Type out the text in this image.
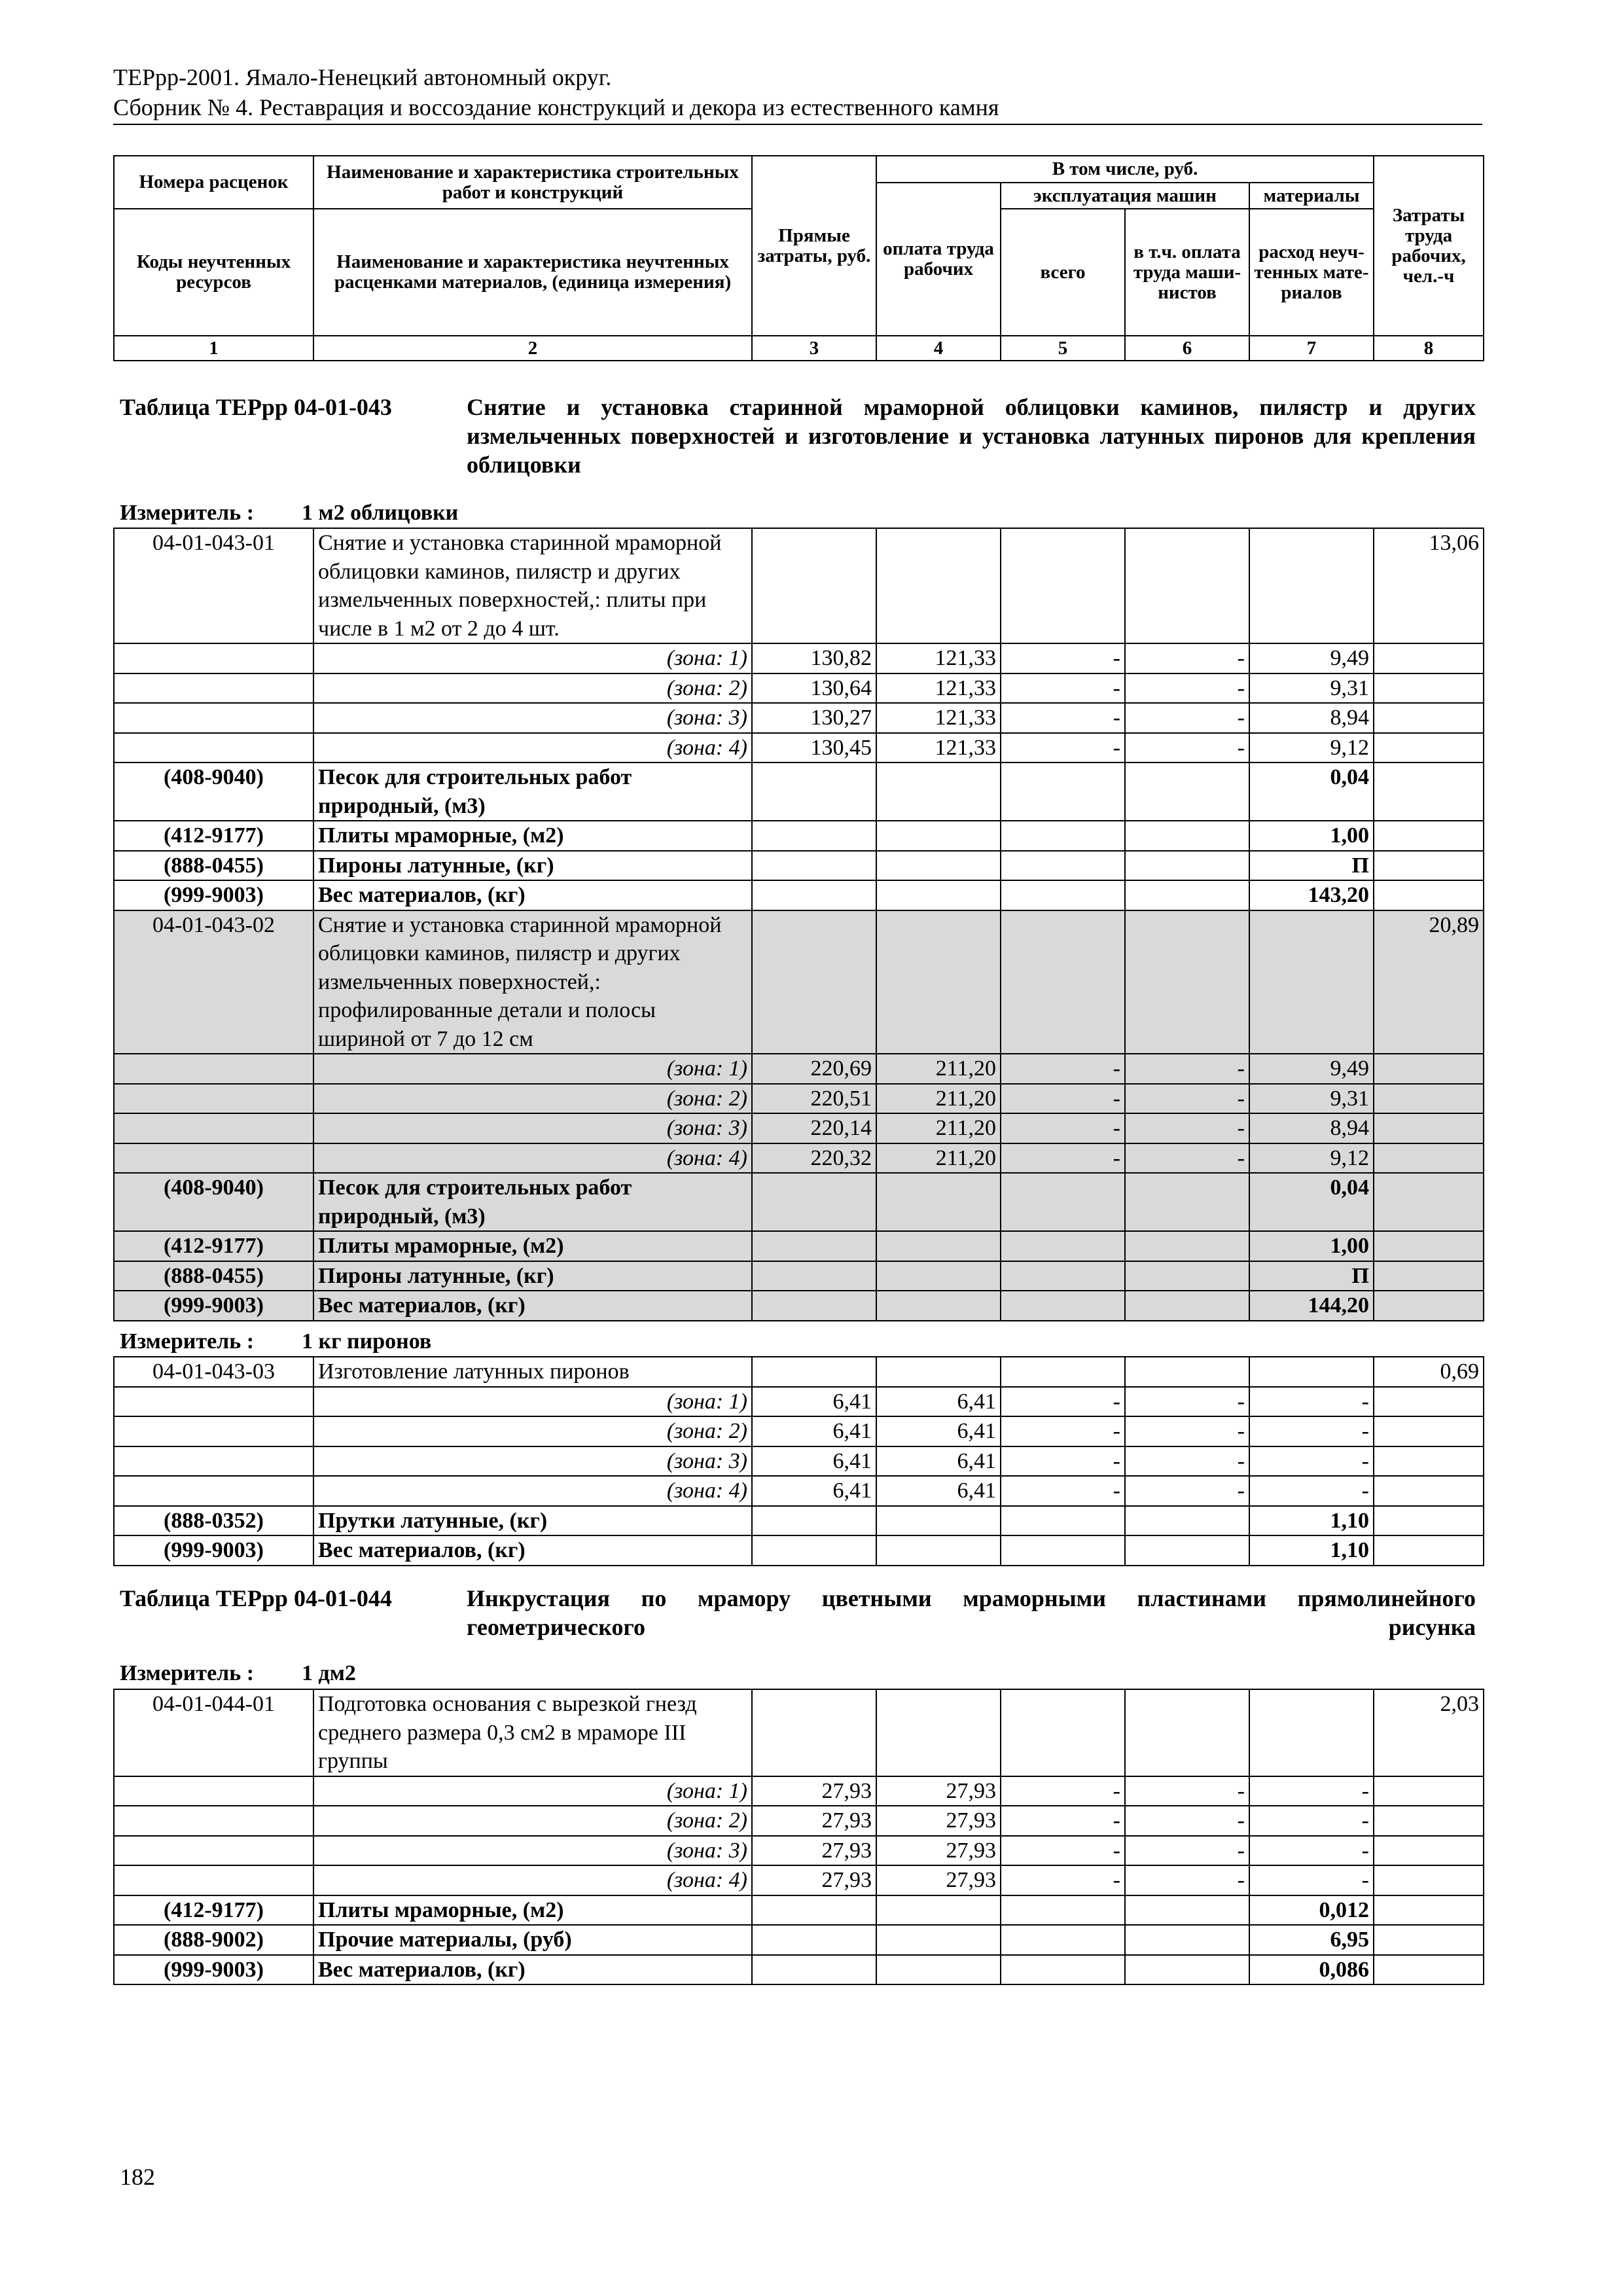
ТЕРрр-2001. Ямало-Ненецкий автономный округ.
Сборник № 4. Реставрация и воссоздание конструкций и декора из естественного камня
Номера расценок	Наименование и характеристика строительных работ и конструкций	Прямые затраты, руб.	В том числе, руб.				Затраты труда рабочих, чел.-ч
			оплата труда рабочих	эксплуатация машин		материалы	
Коды неучтенных ресурсов	Наименование и характеристика неучтенных расценками материалов, (единица измерения)			всего	в т.ч. оплата труда маши-нистов	расход неуч-тенных мате-риалов	
1	2	3	4	5	6	7	8
Таблица ТЕРрр 04-01-043	Снятие и установка старинной мраморной облицовки каминов, пилястр и других измельченных поверхностей и изготовление и установка латунных пиронов для крепления облицовки
Измеритель : 1 м2 облицовки
04-01-043-01	Снятие и установка старинной мраморной облицовки каминов, пилястр и других измельченных поверхностей,: плиты при числе в 1 м2 от 2 до 4 шт.						13,06
	(зона: 1)	130,82	121,33	-	-	9,49	
	(зона: 2)	130,64	121,33	-	-	9,31	
	(зона: 3)	130,27	121,33	-	-	8,94	
	(зона: 4)	130,45	121,33	-	-	9,12	
(408-9040)	Песок для строительных работ природный, (м3)					0,04	
(412-9177)	Плиты мраморные, (м2)					1,00	
(888-0455)	Пироны латунные, (кг)					П	
(999-9003)	Вес материалов, (кг)					143,20	
04-01-043-02	Снятие и установка старинной мраморной облицовки каминов, пилястр и других измельченных поверхностей,: профилированные детали и полосы шириной от 7 до 12 см						20,89
	(зона: 1)	220,69	211,20	-	-	9,49	
	(зона: 2)	220,51	211,20	-	-	9,31	
	(зона: 3)	220,14	211,20	-	-	8,94	
	(зона: 4)	220,32	211,20	-	-	9,12	
(408-9040)	Песок для строительных работ природный, (м3)					0,04	
(412-9177)	Плиты мраморные, (м2)					1,00	
(888-0455)	Пироны латунные, (кг)					П	
(999-9003)	Вес материалов, (кг)					144,20	
Измеритель : 1 кг пиронов
04-01-043-03	Изготовление латунных пиронов						0,69
	(зона: 1)	6,41	6,41	-	-	-	
	(зона: 2)	6,41	6,41	-	-	-	
	(зона: 3)	6,41	6,41	-	-	-	
	(зона: 4)	6,41	6,41	-	-	-	
(888-0352)	Прутки латунные, (кг)					1,10	
(999-9003)	Вес материалов, (кг)					1,10	
Таблица ТЕРрр 04-01-044	Инкрустация по мрамору цветными мраморными пластинами прямолинейного геометрического рисунка
Измеритель : 1 дм2
04-01-044-01	Подготовка основания с вырезкой гнезд среднего размера 0,3 см2 в мраморе III группы						2,03
	(зона: 1)	27,93	27,93	-	-	-	
	(зона: 2)	27,93	27,93	-	-	-	
	(зона: 3)	27,93	27,93	-	-	-	
	(зона: 4)	27,93	27,93	-	-	-	
(412-9177)	Плиты мраморные, (м2)					0,012	
(888-9002)	Прочие материалы, (руб)					6,95	
(999-9003)	Вес материалов, (кг)					0,086	
182
